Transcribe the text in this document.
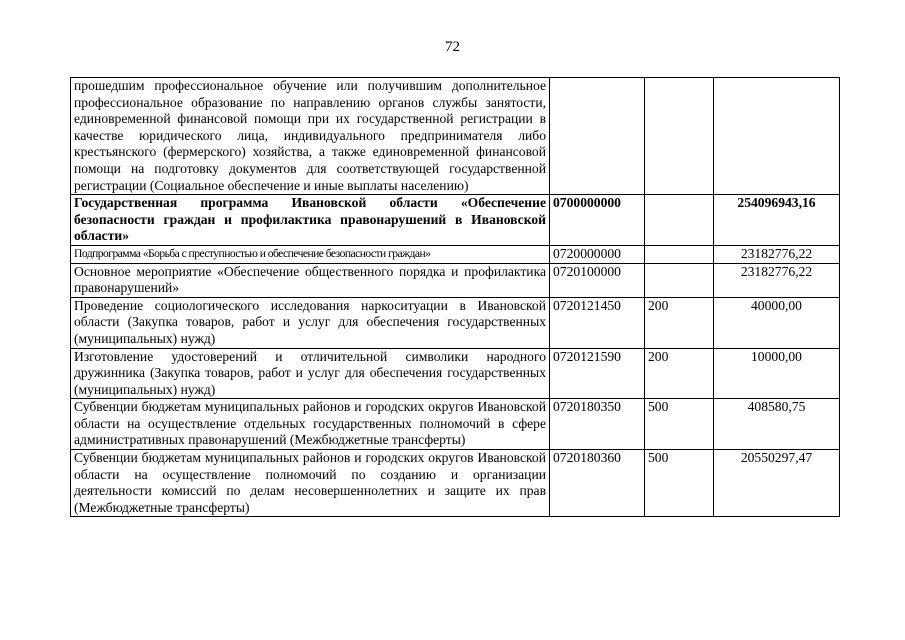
72
прошедшим профессиональное обучение или получившим дополнительное профессиональное образование по направлению органов службы занятости, единовременной финансовой помощи при их государственной регистрации в качестве юридического лица, индивидуального предпринимателя либо крестьянского (фермерского) хозяйства, а также единовременной финансовой помощи на подготовку документов для соответствующей государственной регистрации (Социальное обеспечение и иные выплаты населению)			
Государственная программа Ивановской области «Обеспечение безопасности граждан и профилактика правонарушений в Ивановской области»	0700000000		254096943,16
Подпрограмма «Борьба с преступностью и обеспечение безопасности граждан»	0720000000		23182776,22
Основное мероприятие «Обеспечение общественного порядка и профилактика правонарушений»	0720100000		23182776,22
Проведение социологического исследования наркоситуации в Ивановской области (Закупка товаров, работ и услуг для обеспечения государственных (муниципальных) нужд)	0720121450	200	40000,00
Изготовление удостоверений и отличительной символики народного дружинника (Закупка товаров, работ и услуг для обеспечения государственных (муниципальных) нужд)	0720121590	200	10000,00
Субвенции бюджетам муниципальных районов и городских округов Ивановской области на осуществление отдельных государственных полномочий в сфере административных правонарушений (Межбюджетные трансферты)	0720180350	500	408580,75
Субвенции бюджетам муниципальных районов и городских округов Ивановской области на осуществление полномочий по созданию и организации деятельности комиссий по делам несовершеннолетних и защите их прав (Межбюджетные трансферты)	0720180360	500	20550297,47
